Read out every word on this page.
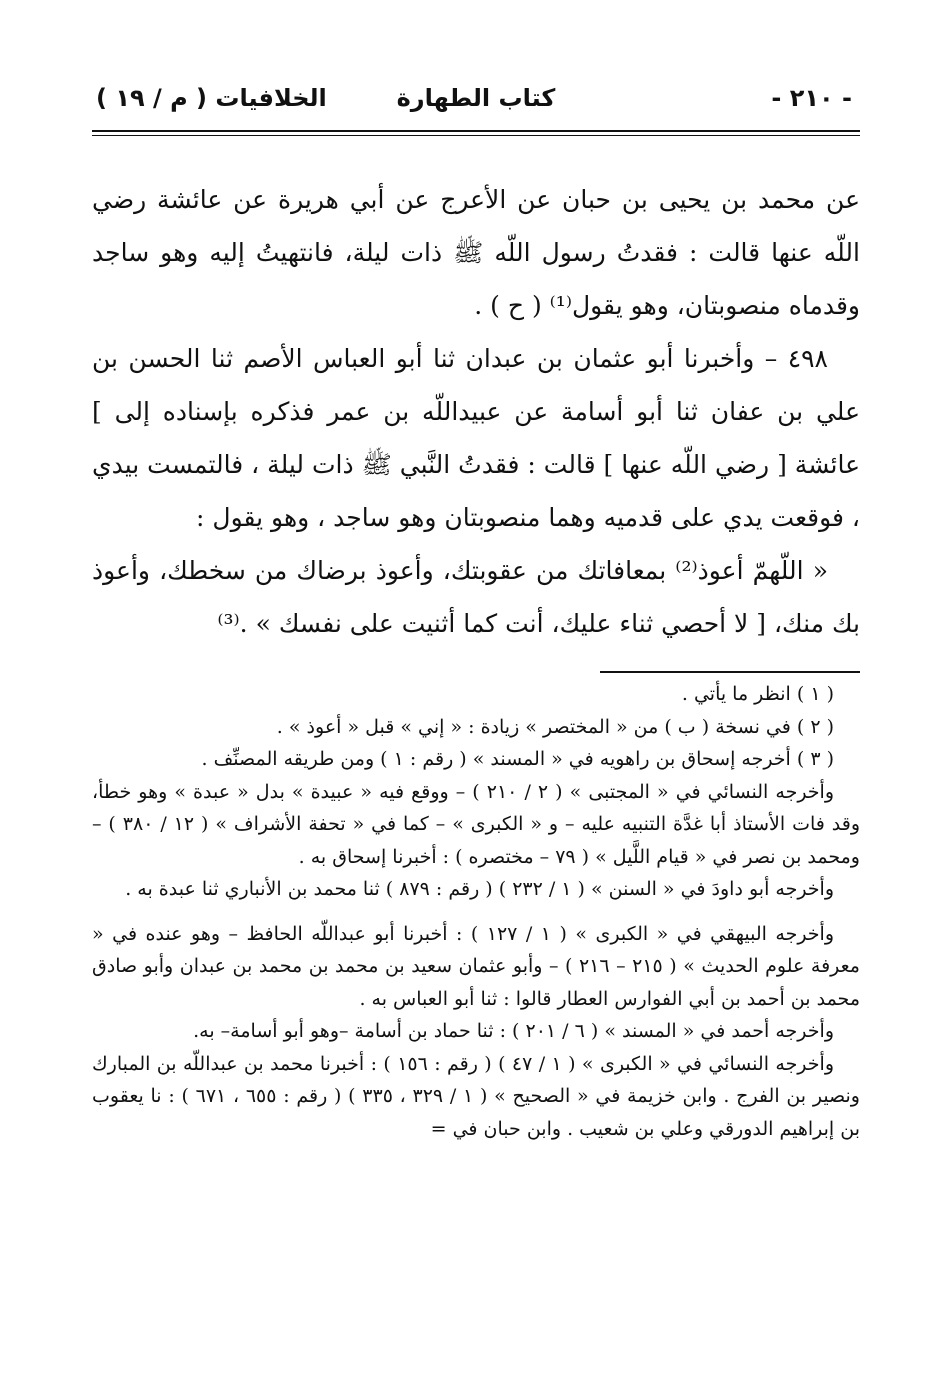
- ٢١٠ -
كتاب الطهارة
الخلافيات ( م / ١٩ )

عن محمد بن يحيى بن حبان عن الأعرج عن أبي هريرة عن عائشة رضي اللّه عنها قالت : فقدتُ رسول اللّه ﷺ ذات ليلة، فانتهيتُ إليه وهو ساجد وقدماه منصوبتان، وهو يقول⁽¹⁾ ( ح ) .

٤٩٨ – وأخبرنا أبو عثمان بن عبدان ثنا أبو العباس الأصم ثنا الحسن بن علي بن عفان ثنا أبو أسامة عن عبيداللّه بن عمر فذكره بإسناده إلى ] عائشة [ رضي اللّه عنها ] قالت : فقدتُ النَّبي ﷺ ذات ليلة ، فالتمست بيدي ، فوقعت يدي على قدميه وهما منصوبتان وهو ساجد ، وهو يقول :

« اللّهمّ أعوذ⁽²⁾ بمعافاتك من عقوبتك، وأعوذ برضاك من سخطك، وأعوذ بك منك، [ لا أحصي ثناء عليك، أنت كما أثنيت على نفسك » .⁽³⁾

( ١ ) انظر ما يأتي .

( ٢ ) في نسخة ( ب ) من « المختصر » زيادة : « إني » قبل « أعوذ » .

( ٣ ) أخرجه إسحاق بن راهويه في « المسند » ( رقم : ١ ) ومن طريقه المصنِّف .

وأخرجه النسائي في « المجتبى » ( ٢ / ٢١٠ ) – ووقع فيه « عبيدة » بدل « عبدة » وهو خطأ، وقد فات الأستاذ أبا غدَّة التنبيه عليه – و « الكبرى » – كما في « تحفة الأشراف » ( ١٢ / ٣٨٠ ) – ومحمد بن نصر في « قيام اللَّيل » ( ٧٩ – مختصره ) : أخبرنا إسحاق به .

وأخرجه أبو داودَ في « السنن » ( ١ / ٢٣٢ ) ( رقم : ٨٧٩ ) ثنا محمد بن الأنباري ثنا عبدة به .

وأخرجه البيهقي في « الكبرى » ( ١ / ١٢٧ ) : أخبرنا أبو عبداللّه الحافظ – وهو عنده في « معرفة علوم الحديث » ( ٢١٥ – ٢١٦ ) – وأبو عثمان سعيد بن محمد بن محمد بن عبدان وأبو صادق محمد بن أحمد بن أبي الفوارس العطار قالوا : ثنا أبو العباس به .

وأخرجه أحمد في « المسند » ( ٦ / ٢٠١ ) : ثنا حماد بن أسامة –وهو أبو أسامة– به.

وأخرجه النسائي في « الكبرى » ( ١ / ٤٧ ) ( رقم : ١٥٦ ) : أخبرنا محمد بن عبداللّه بن المبارك ونصير بن الفرج . وابن خزيمة في « الصحيح » ( ١ / ٣٢٩ ، ٣٣٥ ) ( رقم : ٦٥٥ ، ٦٧١ ) : نا يعقوب بن إبراهيم الدورقي وعلي بن شعيب . وابن حبان في =
